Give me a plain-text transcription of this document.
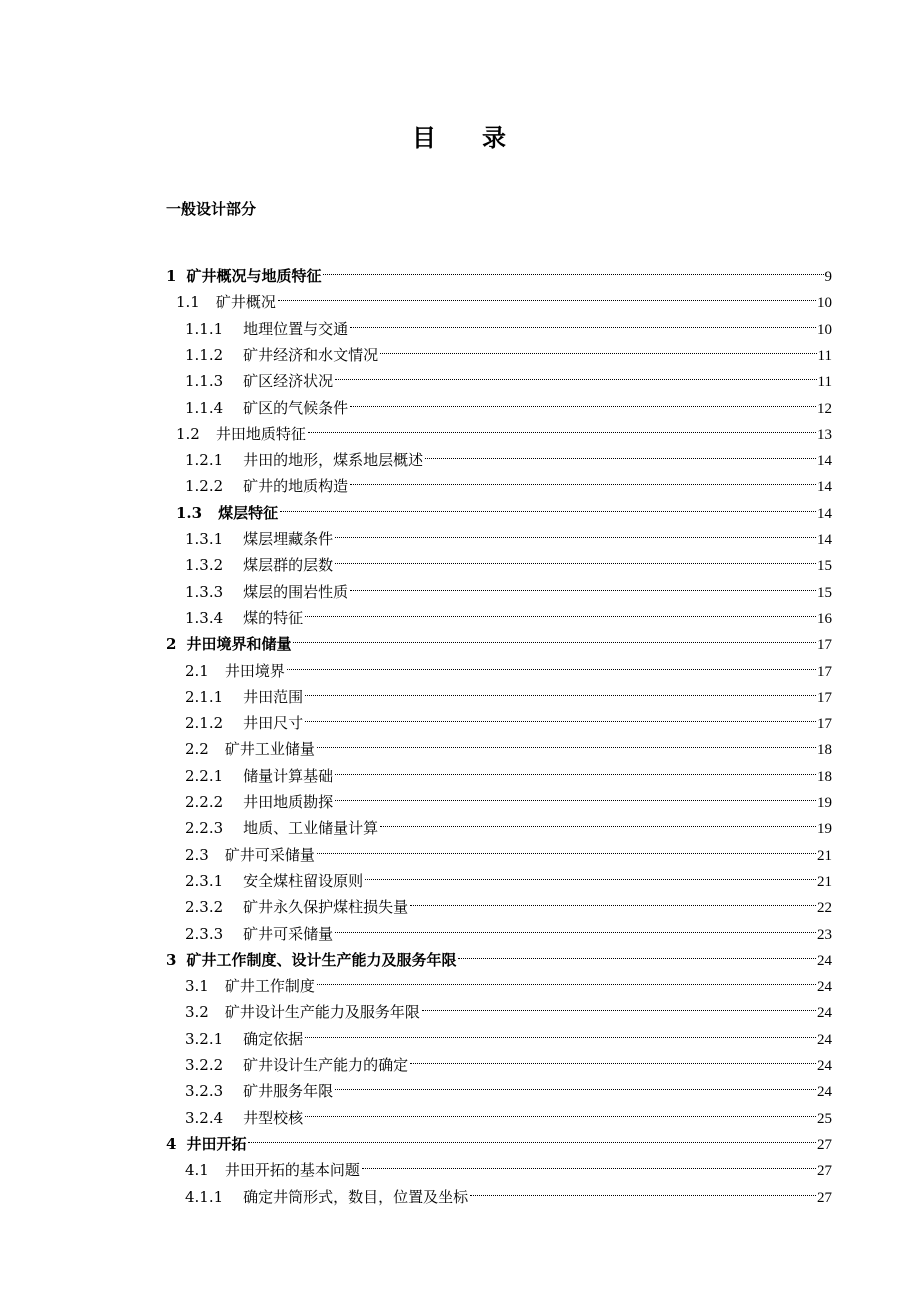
目 录
一般设计部分
1 矿井概况与地质特征	9
1.1 矿井概况	10
1.1.1 地理位置与交通	10
1.1.2 矿井经济和水文情况	11
1.1.3 矿区经济状况	11
1.1.4 矿区的气候条件	12
1.2 井田地质特征	13
1.2.1 井田的地形，煤系地层概述	14
1.2.2 矿井的地质构造	14
1.3 煤层特征	14
1.3.1 煤层埋藏条件	14
1.3.2 煤层群的层数	15
1.3.3 煤层的围岩性质	15
1.3.4 煤的特征	16
2 井田境界和储量	17
2.1 井田境界	17
2.1.1 井田范围	17
2.1.2 井田尺寸	17
2.2 矿井工业储量	18
2.2.1 储量计算基础	18
2.2.2 井田地质勘探	19
2.2.3 地质、工业储量计算	19
2.3 矿井可采储量	21
2.3.1 安全煤柱留设原则	21
2.3.2 矿井永久保护煤柱损失量	22
2.3.3 矿井可采储量	23
3 矿井工作制度、设计生产能力及服务年限	24
3.1 矿井工作制度	24
3.2 矿井设计生产能力及服务年限	24
3.2.1 确定依据	24
3.2.2 矿井设计生产能力的确定	24
3.2.3 矿井服务年限	24
3.2.4 井型校核	25
4 井田开拓	27
4.1 井田开拓的基本问题	27
4.1.1 确定井筒形式，数目，位置及坐标	27
